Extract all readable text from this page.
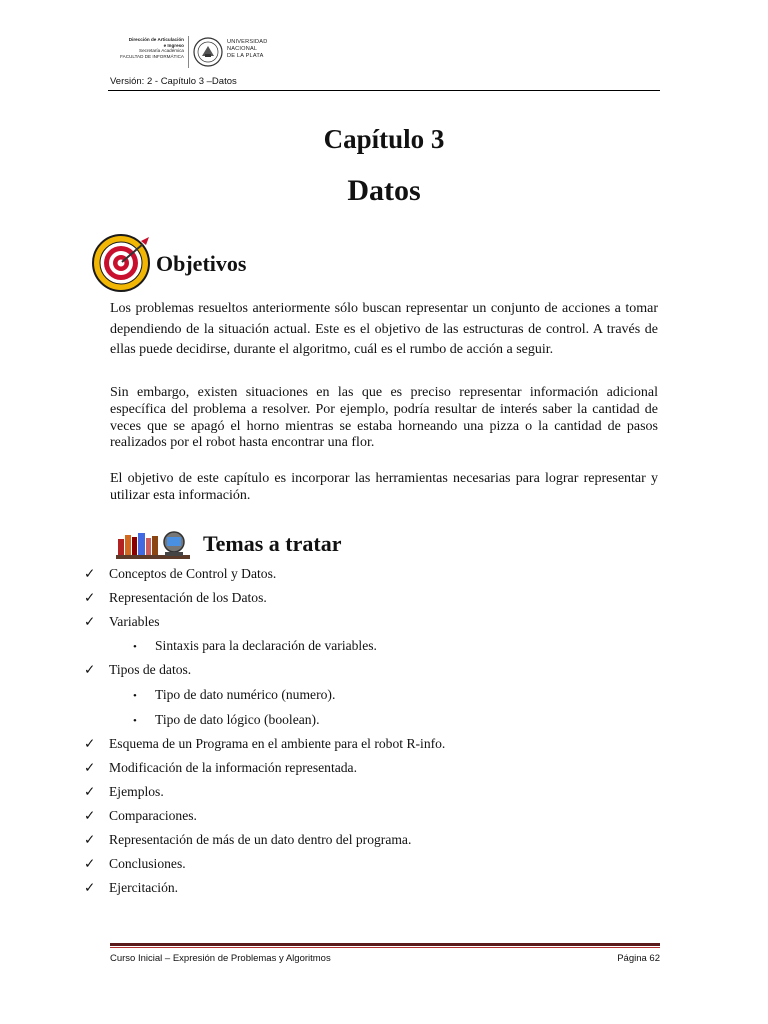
Dirección de Articulación
e Ingreso
Secretaría Académica
FACULTAD DE INFORMÁTICA
UNIVERSIDAD
NACIONAL
DE LA PLATA
Versión: 2 - Capítulo 3 –Datos
Capítulo 3
Datos
Objetivos
Los problemas resueltos anteriormente sólo buscan representar un conjunto de acciones a tomar dependiendo de la situación actual. Este es el objetivo de las estructuras de control. A través de ellas puede decidirse, durante el algoritmo, cuál es el rumbo de acción a seguir.
Sin embargo, existen situaciones en las que es preciso representar información adicional específica del problema a resolver. Por ejemplo, podría resultar de interés saber la cantidad de veces que se apagó el horno mientras se estaba horneando una pizza o la cantidad de pasos realizados por el robot hasta encontrar una flor.
El objetivo de este capítulo es incorporar las herramientas necesarias para lograr representar y utilizar esta información.
Temas a tratar
✓ Conceptos de Control y Datos.
✓ Representación de los Datos.
✓ Variables
• Sintaxis para la declaración de variables.
✓ Tipos de datos.
• Tipo de dato numérico (numero).
• Tipo de dato lógico (boolean).
✓ Esquema de un Programa en el ambiente para el robot R-info.
✓ Modificación de la información representada.
✓ Ejemplos.
✓ Comparaciones.
✓ Representación de más de un dato dentro del programa.
✓ Conclusiones.
✓ Ejercitación.
Curso Inicial – Expresión de Problemas y Algoritmos	Página 62
